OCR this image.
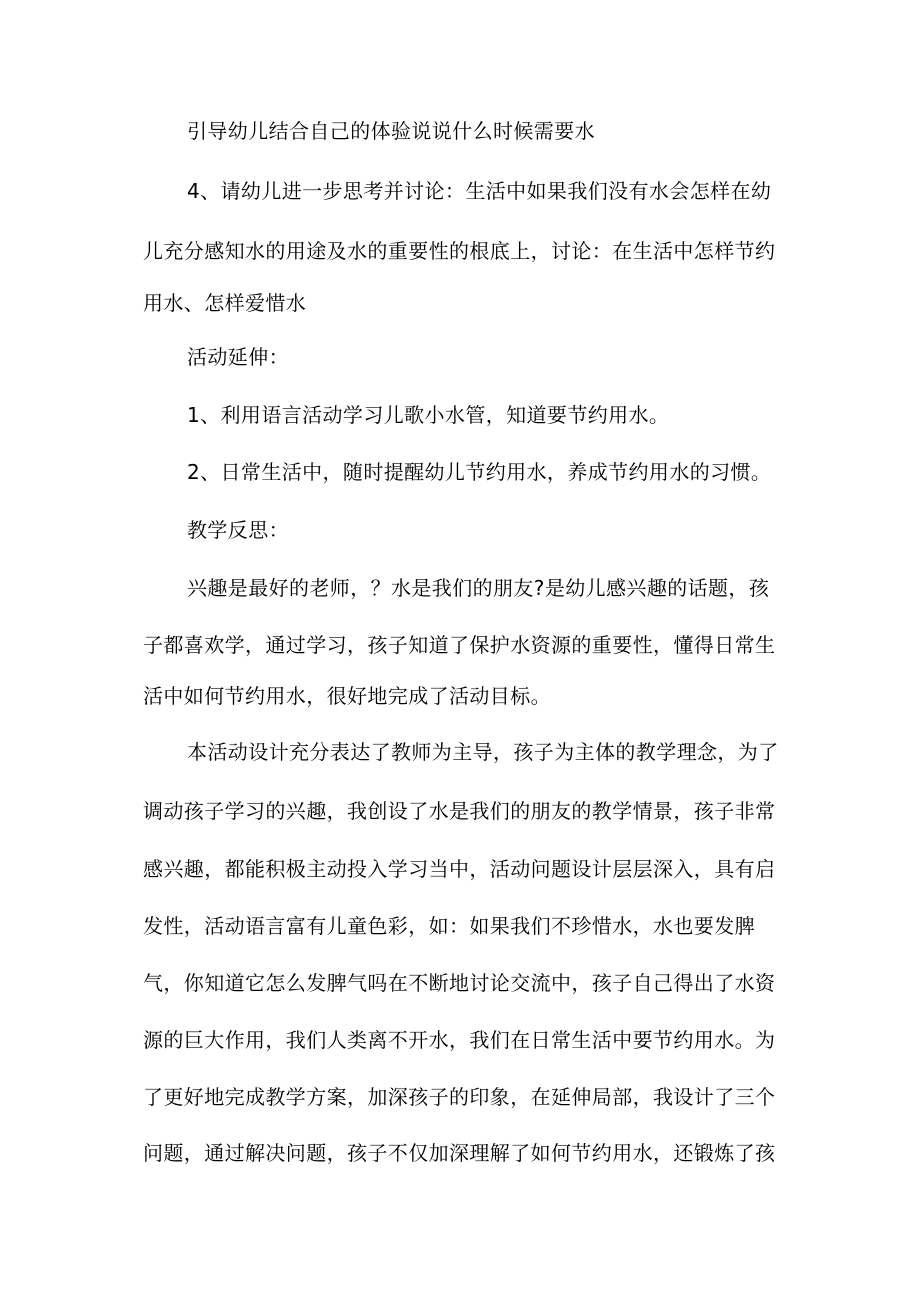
引导幼儿结合自己的体验说说什么时候需要水

4、请幼儿进一步思考并讨论：生活中如果我们没有水会怎样在幼

儿充分感知水的用途及水的重要性的根底上，讨论：在生活中怎样节约

用水、怎样爱惜水

活动延伸：

1、利用语言活动学习儿歌小水管，知道要节约用水。

2、日常生活中，随时提醒幼儿节约用水，养成节约用水的习惯。

教学反思：

兴趣是最好的老师，？水是我们的朋友?是幼儿感兴趣的话题，孩

子都喜欢学，通过学习，孩子知道了保护水资源的重要性，懂得日常生

活中如何节约用水，很好地完成了活动目标。

本活动设计充分表达了教师为主导，孩子为主体的教学理念，为了

调动孩子学习的兴趣，我创设了水是我们的朋友的教学情景，孩子非常

感兴趣，都能积极主动投入学习当中，活动问题设计层层深入，具有启

发性，活动语言富有儿童色彩，如：如果我们不珍惜水，水也要发脾

气，你知道它怎么发脾气吗在不断地讨论交流中，孩子自己得出了水资

源的巨大作用，我们人类离不开水，我们在日常生活中要节约用水。为

了更好地完成教学方案，加深孩子的印象，在延伸局部，我设计了三个

问题，通过解决问题，孩子不仅加深理解了如何节约用水，还锻炼了孩
